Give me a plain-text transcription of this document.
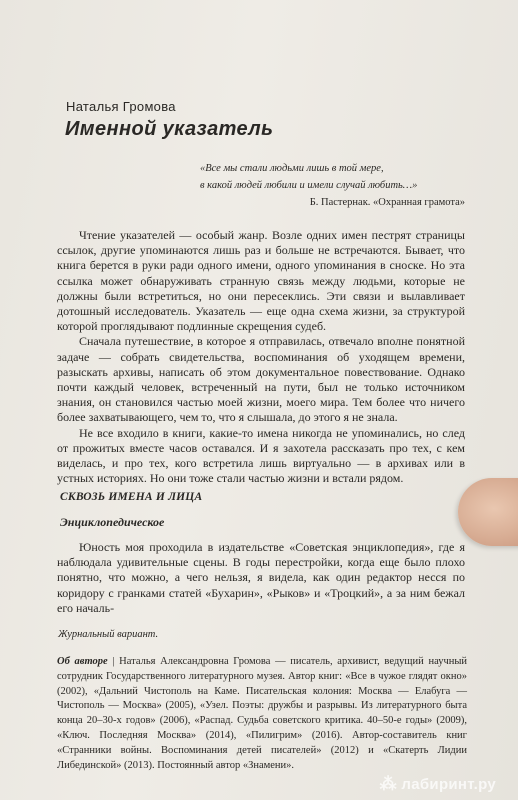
Наталья Громова
Именной указатель
«Все мы стали людьми лишь в той мере,
в какой людей любили и имели случай любить…»
Б. Пастернак. «Охранная грамота»

Чтение указателей — особый жанр. Возле одних имен пестрят страницы ссылок, другие упоминаются лишь раз и больше не встречаются. Бывает, что книга берется в руки ради одного имени, одного упоминания в сноске. Но эта ссылка может обнаруживать странную связь между людьми, которые не должны были встретиться, но они пересеклись. Эти связи и вылавливает дотошный исследователь. Указатель — еще одна схема жизни, за структурой которой проглядывают подлинные скрещения судеб.

Сначала путешествие, в которое я отправилась, отвечало вполне понятной задаче — собрать свидетельства, воспоминания об уходящем времени, разыскать архивы, написать об этом документальное повествование. Однако почти каждый человек, встреченный на пути, был не только источником знания, он становился частью моей жизни, моего мира. Тем более что ничего более захватывающего, чем то, что я слышала, до этого я не знала.

Не все входило в книги, какие-то имена никогда не упоминались, но след от прожитых вместе часов оставался. И я захотела рассказать про тех, с кем виделась, и про тех, кого встретила лишь виртуально — в архивах или в устных историях. Но они тоже стали частью жизни и встали рядом.

СКВОЗЬ ИМЕНА И ЛИЦА
Энциклопедическое

Юность моя проходила в издательстве «Советская энциклопедия», где я наблюдала удивительные сцены. В годы перестройки, когда еще было плохо понятно, что можно, а чего нельзя, я видела, как один редактор несся по коридору с гранками статей «Бухарин», «Рыков» и «Троцкий», а за ним бежал его началь-

Журнальный вариант.
Об авторе | Наталья Александровна Громова — писатель, архивист, ведущий научный сотрудник Государственного литературного музея. Автор книг: «Все в чужое глядят окно» (2002), «Дальний Чистополь на Каме. Писательская колония: Москва — Елабуга — Чистополь — Москва» (2005), «Узел. Поэты: дружбы и разрывы. Из литературного быта конца 20–30-х годов» (2006), «Распад. Судьба советского критика. 40–50-е годы» (2009), «Ключ. Последняя Москва» (2014), «Пилигрим» (2016). Автор-составитель книг «Странники войны. Воспоминания детей писателей» (2012) и «Скатерть Лидии Либединской» (2013). Постоянный автор «Знамени».
⁂ лабиринт.ру
